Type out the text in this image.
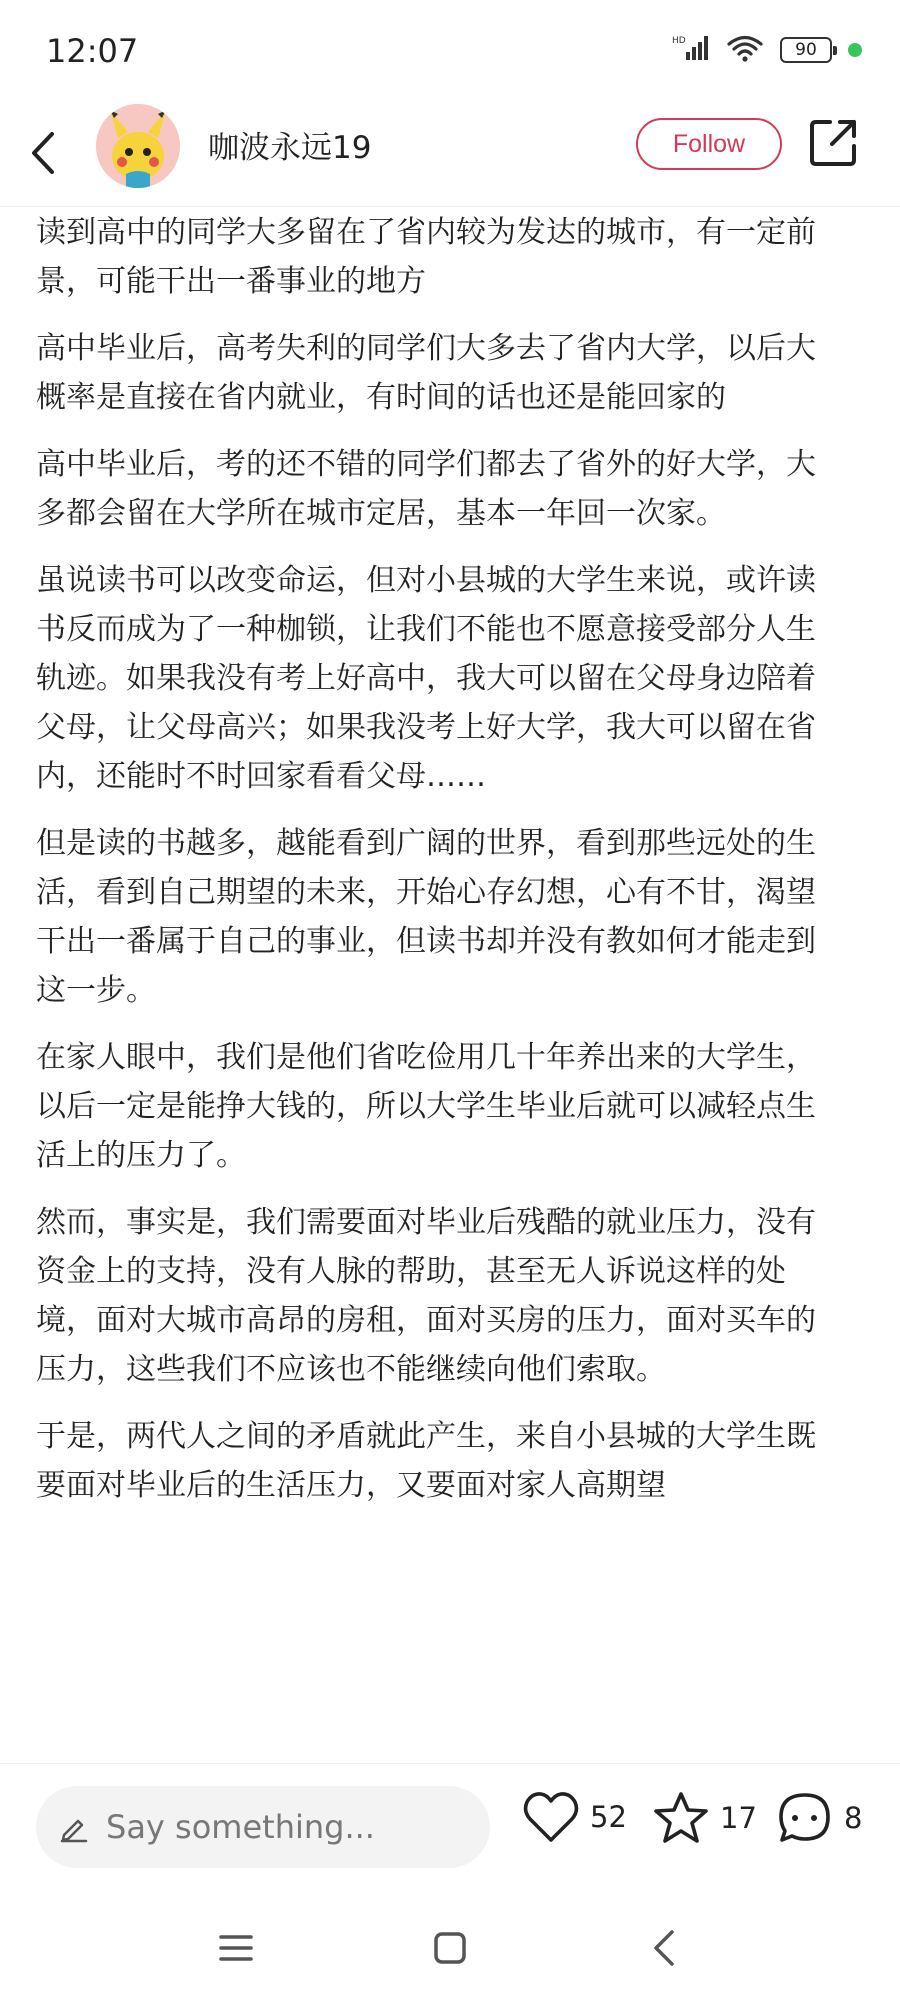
12:07	HD	90
咖波永远19	Follow

读到高中的同学大多留在了省内较为发达的城市，有一定前景，可能干出一番事业的地方

高中毕业后，高考失利的同学们大多去了省内大学，以后大概率是直接在省内就业，有时间的话也还是能回家的

高中毕业后，考的还不错的同学们都去了省外的好大学，大多都会留在大学所在城市定居，基本一年回一次家。

虽说读书可以改变命运，但对小县城的大学生来说，或许读书反而成为了一种枷锁，让我们不能也不愿意接受部分人生轨迹。如果我没有考上好高中，我大可以留在父母身边陪着父母，让父母高兴；如果我没考上好大学，我大可以留在省内，还能时不时回家看看父母……

但是读的书越多，越能看到广阔的世界，看到那些远处的生活，看到自己期望的未来，开始心存幻想，心有不甘，渴望干出一番属于自己的事业，但读书却并没有教如何才能走到这一步。

在家人眼中，我们是他们省吃俭用几十年养出来的大学生，以后一定是能挣大钱的，所以大学生毕业后就可以减轻点生活上的压力了。

然而，事实是，我们需要面对毕业后残酷的就业压力，没有资金上的支持，没有人脉的帮助，甚至无人诉说这样的处境，面对大城市高昂的房租，面对买房的压力，面对买车的压力，这些我们不应该也不能继续向他们索取。

于是，两代人之间的矛盾就此产生，来自小县城的大学生既要面对毕业后的生活压力，又要面对家人高期望

Say something...
52	17	8
